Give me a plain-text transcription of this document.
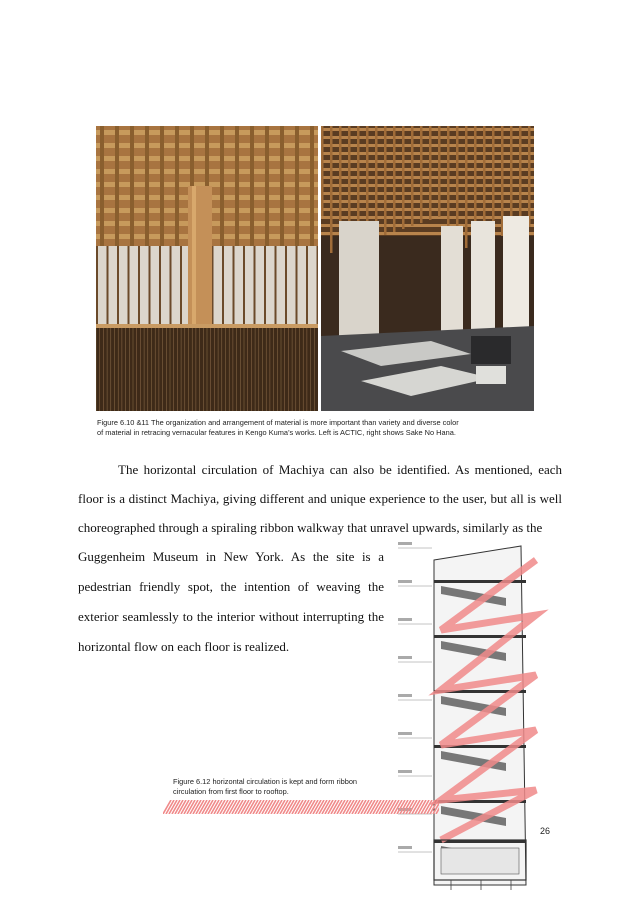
Figure 6.10 &11 The organization and arrangement of material is more important than variety and diverse color
of material in retracing vernacular features in Kengo Kuma’s works. Left is ACTIC, right shows Sake No Hana.
The horizontal circulation of Machiya can also be identified. As mentioned, each floor is a distinct Machiya, giving different and unique experience to the user, but all is well choreographed through a spiraling ribbon walkway that unravel upwards, similarly as the
Guggenheim Museum in New York. As the site is a pedestrian friendly spot, the intention of weaving the exterior seamlessly to the interior without interrupting the horizontal flow on each floor is realized.
Figure 6.12 horizontal circulation is kept and form ribbon
circulation from first floor to rooftop.
26
